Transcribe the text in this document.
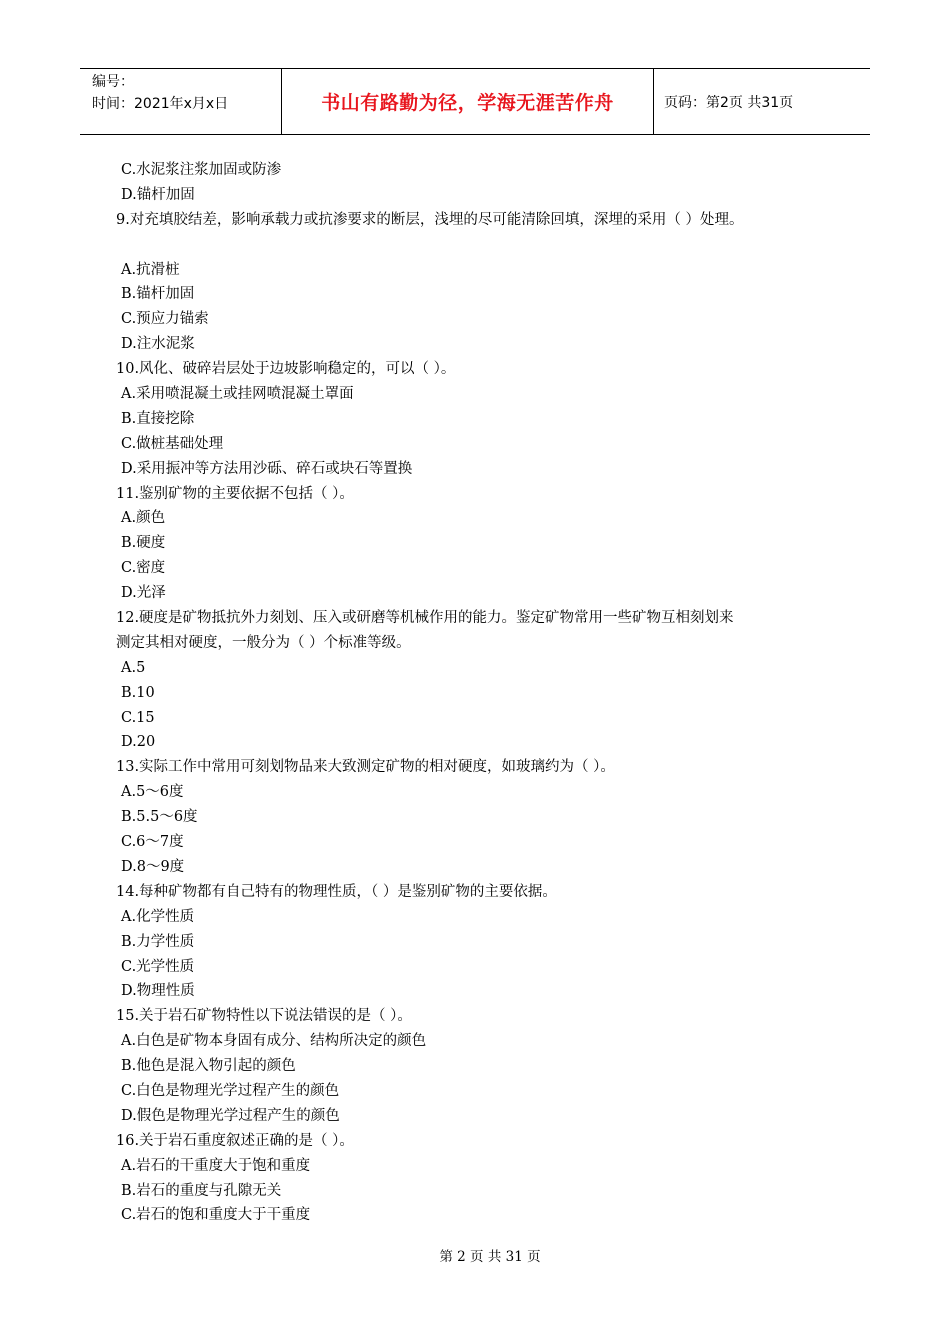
编号：
时间：2021年x月x日	书山有路勤为径，学海无涯苦作舟	页码：第2页 共31页
C.水泥浆注浆加固或防渗
D.锚杆加固
9.对充填胶结差，影响承载力或抗渗要求的断层，浅埋的尽可能清除回填，深埋的采用（ ）处理。
A.抗滑桩
B.锚杆加固
C.预应力锚索
D.注水泥浆
10.风化、破碎岩层处于边坡影响稳定的，可以（ ）。
A.采用喷混凝土或挂网喷混凝土罩面
B.直接挖除
C.做桩基础处理
D.采用振冲等方法用沙砾、碎石或块石等置换
11.鉴别矿物的主要依据不包括（ ）。
A.颜色
B.硬度
C.密度
D.光泽
12.硬度是矿物抵抗外力刻划、压入或研磨等机械作用的能力。鉴定矿物常用一些矿物互相刻划来
测定其相对硬度，一般分为（ ）个标准等级。
A.5
B.10
C.15
D.20
13.实际工作中常用可刻划物品来大致测定矿物的相对硬度，如玻璃约为（ ）。
A.5～6度
B.5.5～6度
C.6～7度
D.8～9度
14.每种矿物都有自己特有的物理性质，（ ）是鉴别矿物的主要依据。
A.化学性质
B.力学性质
C.光学性质
D.物理性质
15.关于岩石矿物特性以下说法错误的是（ ）。
A.白色是矿物本身固有成分、结构所决定的颜色
B.他色是混入物引起的颜色
C.白色是物理光学过程产生的颜色
D.假色是物理光学过程产生的颜色
16.关于岩石重度叙述正确的是（ ）。
A.岩石的干重度大于饱和重度
B.岩石的重度与孔隙无关
C.岩石的饱和重度大于干重度
第 2 页 共 31 页
